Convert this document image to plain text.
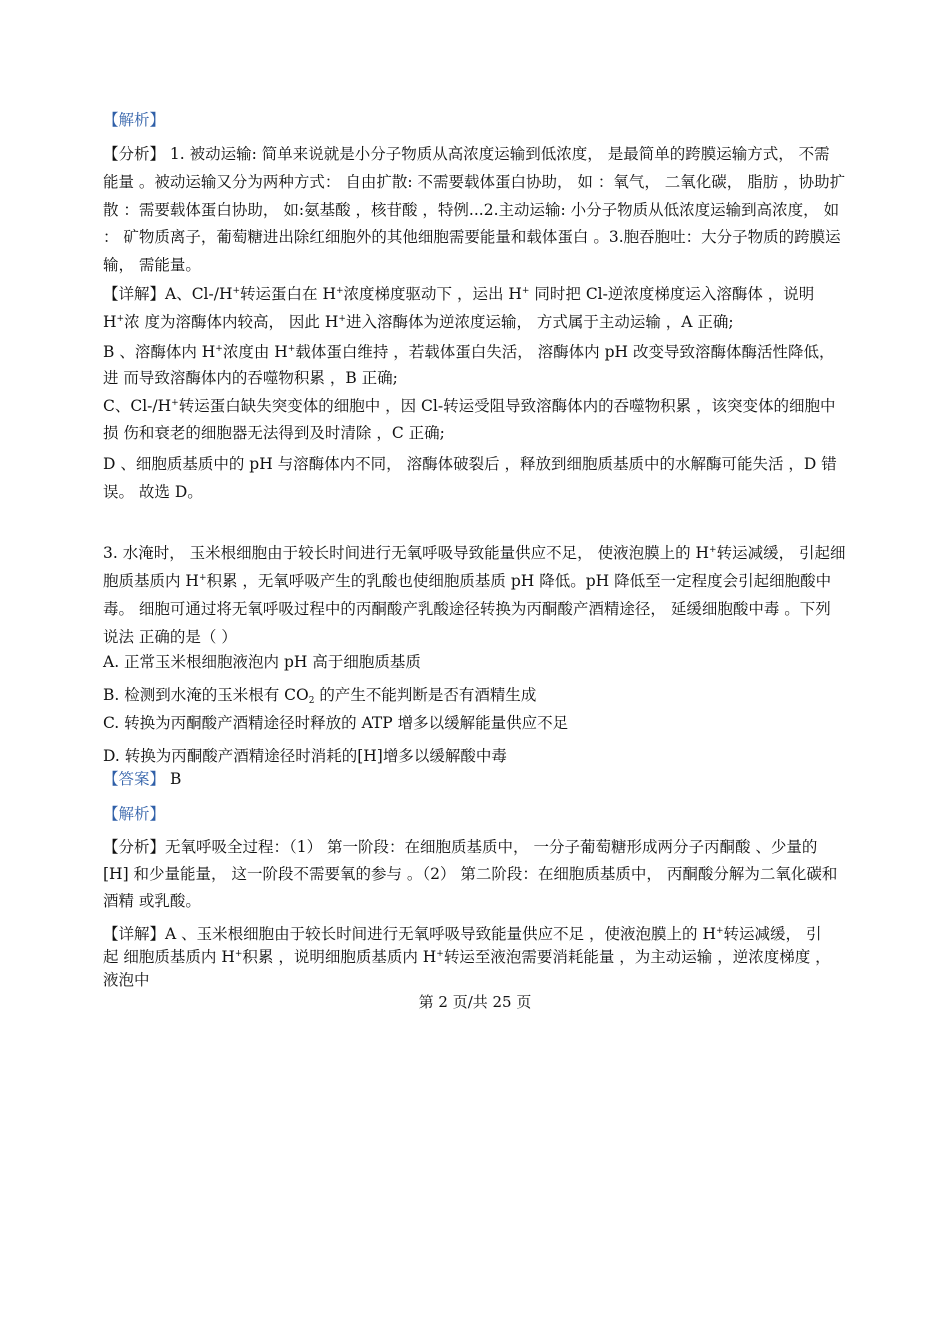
【解析】
【分析】 1. 被动运输: 简单来说就是小分子物质从高浓度运输到低浓度， 是最简单的跨膜运输方式， 不需
能量 。被动运输又分为两种方式： 自由扩散: 不需要载体蛋白协助， 如 ：氧气， 二氧化碳， 脂肪 ，协助扩
散 ：需要载体蛋白协助， 如:氨基酸 ，核苷酸 ，特例...2.主动运输: 小分子物质从低浓度运输到高浓度， 如
： 矿物质离子，葡萄糖进出除红细胞外的其他细胞需要能量和载体蛋白 。3.胞吞胞吐：大分子物质的跨膜运
输， 需能量。
【详解】A、Cl-/H+转运蛋白在 H+浓度梯度驱动下 ，运出 H+ 同时把 Cl-逆浓度梯度运入溶酶体 ，说明
H+浓 度为溶酶体内较高， 因此 H+进入溶酶体为逆浓度运输， 方式属于主动运输 ，A 正确;
B 、溶酶体内 H+浓度由 H+载体蛋白维持 ，若载体蛋白失活， 溶酶体内 pH 改变导致溶酶体酶活性降低，
进 而导致溶酶体内的吞噬物积累 ，B 正确;
C、Cl-/H+转运蛋白缺失突变体的细胞中 ，因 Cl-转运受阻导致溶酶体内的吞噬物积累 ，该突变体的细胞中
损 伤和衰老的细胞器无法得到及时清除 ，C 正确;
D 、细胞质基质中的 pH 与溶酶体内不同， 溶酶体破裂后 ，释放到细胞质基质中的水解酶可能失活 ，D 错
误。 故选 D。
3. 水淹时， 玉米根细胞由于较长时间进行无氧呼吸导致能量供应不足， 使液泡膜上的 H+转运减缓， 引起细
胞质基质内 H+积累 ，无氧呼吸产生的乳酸也使细胞质基质 pH 降低。pH 降低至一定程度会引起细胞酸中
毒。 细胞可通过将无氧呼吸过程中的丙酮酸产乳酸途径转换为丙酮酸产酒精途径， 延缓细胞酸中毒 。下列
说法 正确的是（ ）
A. 正常玉米根细胞液泡内 pH 高于细胞质基质
B. 检测到水淹的玉米根有 $CO_2$ 的产生不能判断是否有酒精生成
C. 转换为丙酮酸产酒精途径时释放的 ATP 增多以缓解能量供应不足
D. 转换为丙酮酸产酒精途径时消耗的[H]增多以缓解酸中毒
【答案】 B
【解析】
【分析】无氧呼吸全过程：（1） 第一阶段：在细胞质基质中， 一分子葡萄糖形成两分子丙酮酸 、少量的
[H] 和少量能量， 这一阶段不需要氧的参与 。（2） 第二阶段：在细胞质基质中， 丙酮酸分解为二氧化碳和
酒精 或乳酸。
【详解】A 、玉米根细胞由于较长时间进行无氧呼吸导致能量供应不足 ，使液泡膜上的 H+转运减缓， 引
起 细胞质基质内 H+积累 ，说明细胞质基质内 H+转运至液泡需要消耗能量 ，为主动运输 ，逆浓度梯度 ，
液泡中
第 2 页/共 25 页
